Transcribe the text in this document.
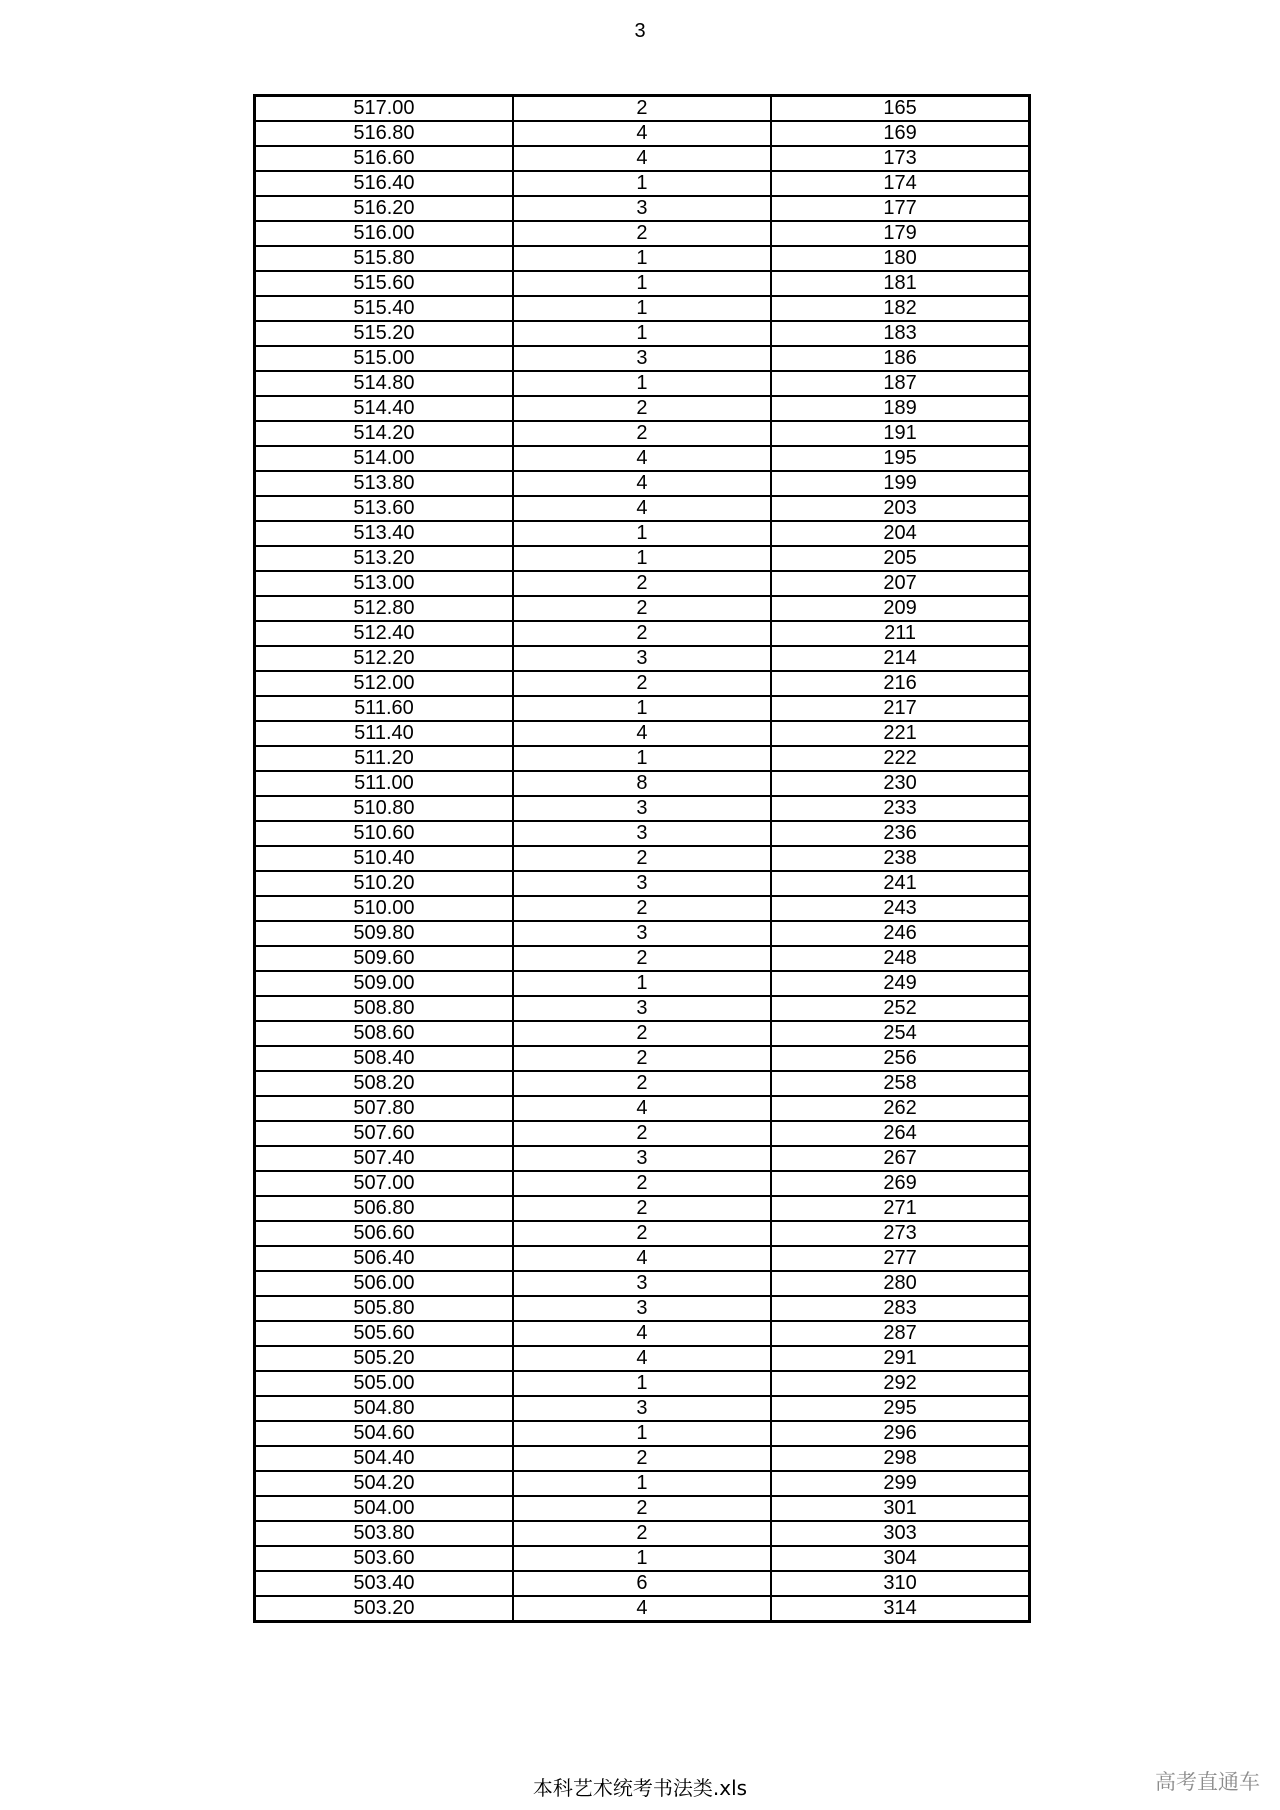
3
517.00	2	165
516.80	4	169
516.60	4	173
516.40	1	174
516.20	3	177
516.00	2	179
515.80	1	180
515.60	1	181
515.40	1	182
515.20	1	183
515.00	3	186
514.80	1	187
514.40	2	189
514.20	2	191
514.00	4	195
513.80	4	199
513.60	4	203
513.40	1	204
513.20	1	205
513.00	2	207
512.80	2	209
512.40	2	211
512.20	3	214
512.00	2	216
511.60	1	217
511.40	4	221
511.20	1	222
511.00	8	230
510.80	3	233
510.60	3	236
510.40	2	238
510.20	3	241
510.00	2	243
509.80	3	246
509.60	2	248
509.00	1	249
508.80	3	252
508.60	2	254
508.40	2	256
508.20	2	258
507.80	4	262
507.60	2	264
507.40	3	267
507.00	2	269
506.80	2	271
506.60	2	273
506.40	4	277
506.00	3	280
505.80	3	283
505.60	4	287
505.20	4	291
505.00	1	292
504.80	3	295
504.60	1	296
504.40	2	298
504.20	1	299
504.00	2	301
503.80	2	303
503.60	1	304
503.40	6	310
503.20	4	314
本科艺术统考书法类.xls	高考直通车
